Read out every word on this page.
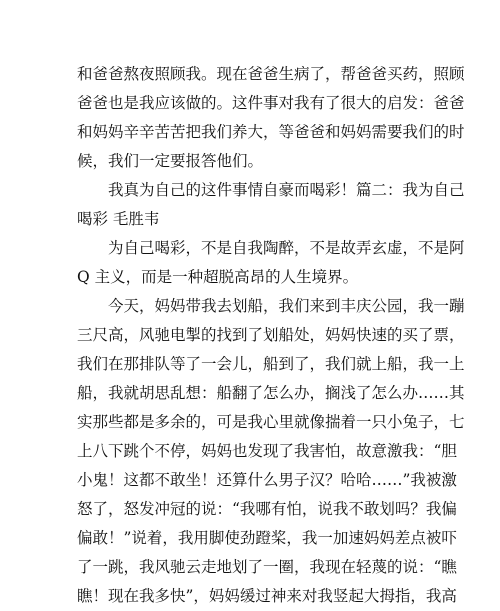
和爸爸熬夜照顾我。现在爸爸生病了，帮爸爸买药，照顾
爸爸也是我应该做的。这件事对我有了很大的启发：爸爸
和妈妈辛辛苦苦把我们养大，等爸爸和妈妈需要我们的时
候，我们一定要报答他们。
我真为自己的这件事情自豪而喝彩！篇二：我为自己
喝彩 毛胜韦
为自己喝彩，不是自我陶醉，不是故弄玄虚，不是阿
Q 主义，而是一种超脱高昂的人生境界。
今天，妈妈带我去划船，我们来到丰庆公园，我一蹦
三尺高，风驰电掣的找到了划船处，妈妈快速的买了票，
我们在那排队等了一会儿，船到了，我们就上船，我一上
船，我就胡思乱想：船翻了怎么办，搁浅了怎么办……其
实那些都是多余的，可是我心里就像揣着一只小兔子，七
上八下跳个不停，妈妈也发现了我害怕，故意激我：“胆
小鬼！这都不敢坐！还算什么男子汉？哈哈……”我被激
怒了，怒发冲冠的说：“我哪有怕，说我不敢划吗？我偏
偏敢！”说着，我用脚使劲蹬桨，我一加速妈妈差点被吓
了一跳，我风驰云走地划了一圈，我现在轻蔑的说：“瞧
瞧！现在我多快”，妈妈缓过神来对我竖起大拇指，我高
